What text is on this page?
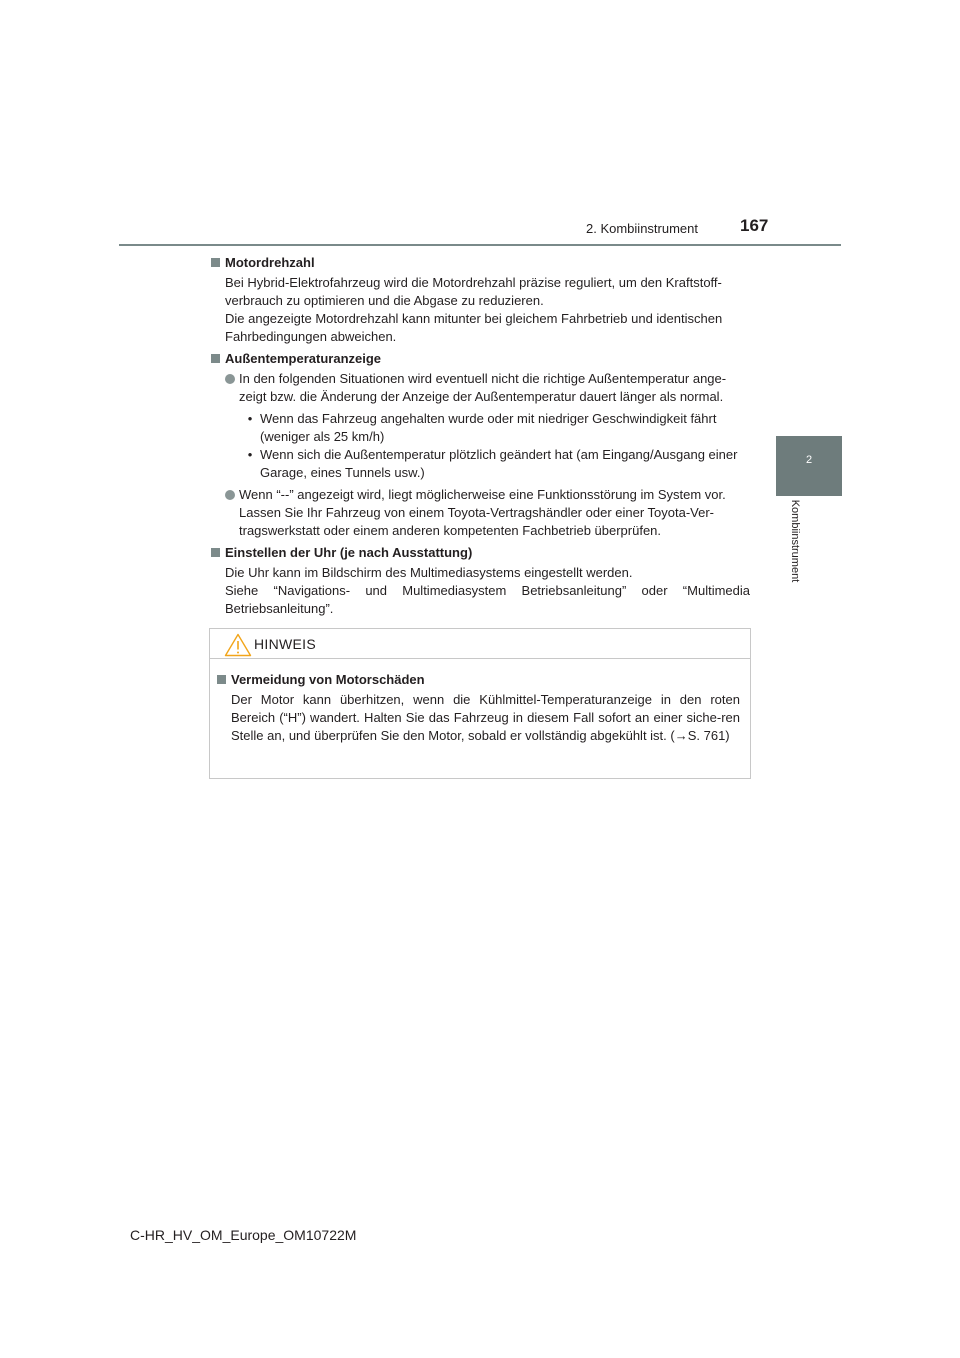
2. Kombiinstrument 167
2
Kombiinstrument
Motordrehzahl
Bei Hybrid-Elektrofahrzeug wird die Motordrehzahl präzise reguliert, um den Kraftstoff-
verbrauch zu optimieren und die Abgase zu reduzieren.
Die angezeigte Motordrehzahl kann mitunter bei gleichem Fahrbetrieb und identischen
Fahrbedingungen abweichen.
Außentemperaturanzeige
In den folgenden Situationen wird eventuell nicht die richtige Außentemperatur ange-zeigt bzw. die Änderung der Anzeige der Außentemperatur dauert länger als normal.
• Wenn das Fahrzeug angehalten wurde oder mit niedriger Geschwindigkeit fährt (weniger als 25 km/h)
• Wenn sich die Außentemperatur plötzlich geändert hat (am Eingang/Ausgang einer Garage, eines Tunnels usw.)
Wenn “--” angezeigt wird, liegt möglicherweise eine Funktionsstörung im System vor. Lassen Sie Ihr Fahrzeug von einem Toyota-Vertragshändler oder einer Toyota-Ver-tragswerkstatt oder einem anderen kompetenten Fachbetrieb überprüfen.
Einstellen der Uhr (je nach Ausstattung)
Die Uhr kann im Bildschirm des Multimediasystems eingestellt werden.
Siehe “Navigations- und Multimediasystem Betriebsanleitung” oder “Multimedia
Betriebsanleitung”.
HINWEIS
Vermeidung von Motorschäden
Der Motor kann überhitzen, wenn die Kühlmittel-Temperaturanzeige in den roten Bereich (“H”) wandert. Halten Sie das Fahrzeug in diesem Fall sofort an einer siche-ren Stelle an, und überprüfen Sie den Motor, sobald er vollständig abgekühlt ist. (→S. 761)
C-HR_HV_OM_Europe_OM10722M
